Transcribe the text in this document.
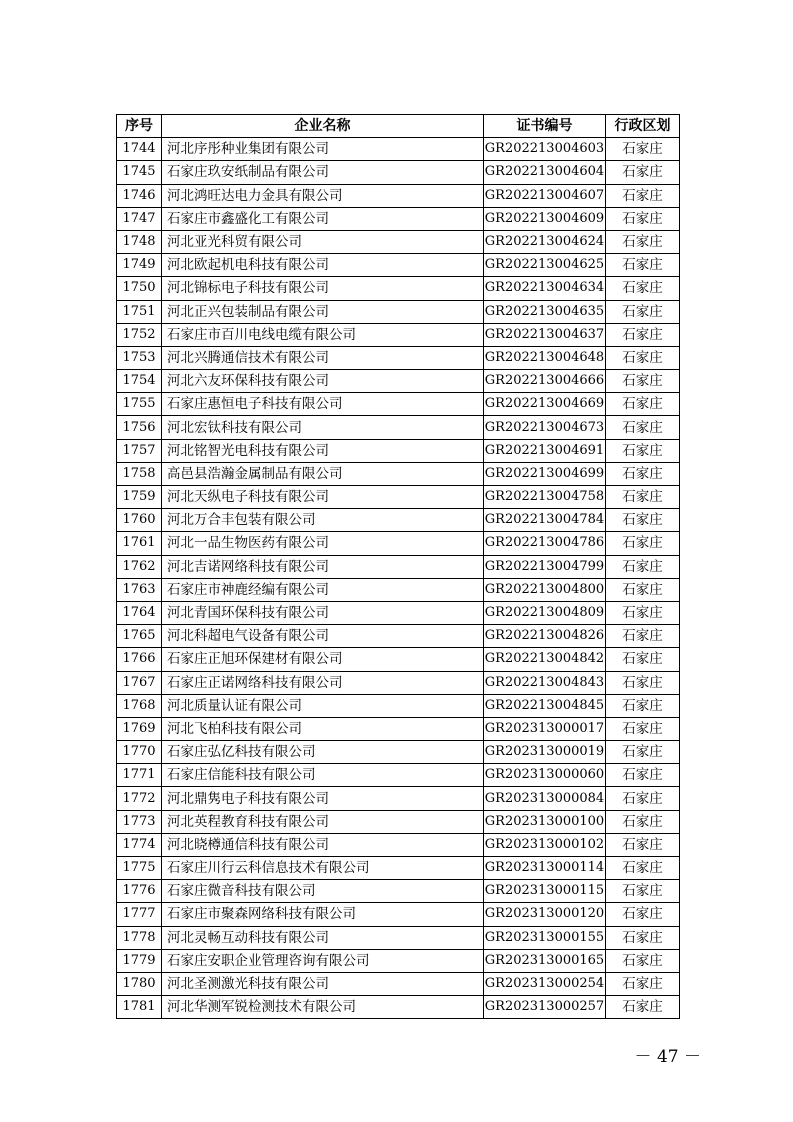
序号	企业名称	证书编号	行政区划
1744	河北序彤种业集团有限公司	GR202213004603	石家庄
1745	石家庄玖安纸制品有限公司	GR202213004604	石家庄
1746	河北鸿旺达电力金具有限公司	GR202213004607	石家庄
1747	石家庄市鑫盛化工有限公司	GR202213004609	石家庄
1748	河北亚光科贸有限公司	GR202213004624	石家庄
1749	河北欧起机电科技有限公司	GR202213004625	石家庄
1750	河北锦标电子科技有限公司	GR202213004634	石家庄
1751	河北正兴包装制品有限公司	GR202213004635	石家庄
1752	石家庄市百川电线电缆有限公司	GR202213004637	石家庄
1753	河北兴腾通信技术有限公司	GR202213004648	石家庄
1754	河北六友环保科技有限公司	GR202213004666	石家庄
1755	石家庄惠恒电子科技有限公司	GR202213004669	石家庄
1756	河北宏钛科技有限公司	GR202213004673	石家庄
1757	河北铭智光电科技有限公司	GR202213004691	石家庄
1758	高邑县浩瀚金属制品有限公司	GR202213004699	石家庄
1759	河北天纵电子科技有限公司	GR202213004758	石家庄
1760	河北万合丰包装有限公司	GR202213004784	石家庄
1761	河北一品生物医药有限公司	GR202213004786	石家庄
1762	河北吉诺网络科技有限公司	GR202213004799	石家庄
1763	石家庄市神鹿经编有限公司	GR202213004800	石家庄
1764	河北青国环保科技有限公司	GR202213004809	石家庄
1765	河北科超电气设备有限公司	GR202213004826	石家庄
1766	石家庄正旭环保建材有限公司	GR202213004842	石家庄
1767	石家庄正诺网络科技有限公司	GR202213004843	石家庄
1768	河北质量认证有限公司	GR202213004845	石家庄
1769	河北飞柏科技有限公司	GR202313000017	石家庄
1770	石家庄弘亿科技有限公司	GR202313000019	石家庄
1771	石家庄信能科技有限公司	GR202313000060	石家庄
1772	河北鼎隽电子科技有限公司	GR202313000084	石家庄
1773	河北英程教育科技有限公司	GR202313000100	石家庄
1774	河北晓樽通信科技有限公司	GR202313000102	石家庄
1775	石家庄川行云科信息技术有限公司	GR202313000114	石家庄
1776	石家庄微音科技有限公司	GR202313000115	石家庄
1777	石家庄市聚森网络科技有限公司	GR202313000120	石家庄
1778	河北灵畅互动科技有限公司	GR202313000155	石家庄
1779	石家庄安职企业管理咨询有限公司	GR202313000165	石家庄
1780	河北圣测激光科技有限公司	GR202313000254	石家庄
1781	河北华测军锐检测技术有限公司	GR202313000257	石家庄
－ 47 －
